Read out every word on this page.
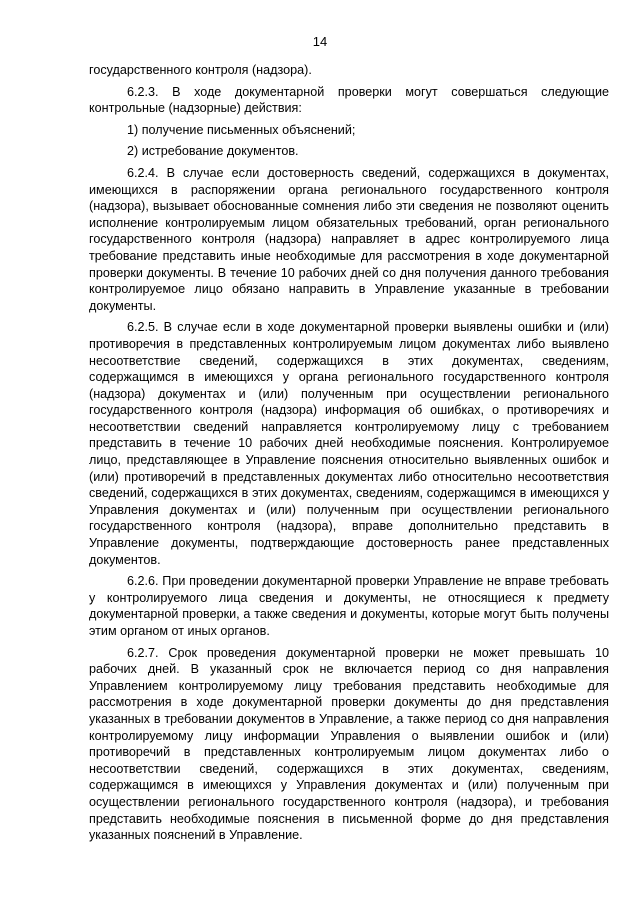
14

государственного контроля (надзора).

6.2.3. В ходе документарной проверки могут совершаться следующие контрольные (надзорные) действия:

1) получение письменных объяснений;

2) истребование документов.

6.2.4. В случае если достоверность сведений, содержащихся в документах, имеющихся в распоряжении органа регионального государственного контроля (надзора), вызывает обоснованные сомнения либо эти сведения не позволяют оценить исполнение контролируемым лицом обязательных требований, орган регионального государственного контроля (надзора) направляет в адрес контролируемого лица требование представить иные необходимые для рассмотрения в ходе документарной проверки документы. В течение 10 рабочих дней со дня получения данного требования контролируемое лицо обязано направить в Управление указанные в требовании документы.

6.2.5. В случае если в ходе документарной проверки выявлены ошибки и (или) противоречия в представленных контролируемым лицом документах либо выявлено несоответствие сведений, содержащихся в этих документах, сведениям, содержащимся в имеющихся у органа регионального государственного контроля (надзора) документах и (или) полученным при осуществлении регионального государственного контроля (надзора) информация об ошибках, о противоречиях и несоответствии сведений направляется контролируемому лицу с требованием представить в течение 10 рабочих дней необходимые пояснения. Контролируемое лицо, представляющее в Управление пояснения относительно выявленных ошибок и (или) противоречий в представленных документах либо относительно несоответствия сведений, содержащихся в этих документах, сведениям, содержащимся в имеющихся у Управления документах и (или) полученным при осуществлении регионального государственного контроля (надзора), вправе дополнительно представить в Управление документы, подтверждающие достоверность ранее представленных документов.

6.2.6. При проведении документарной проверки Управление не вправе требовать у контролируемого лица сведения и документы, не относящиеся к предмету документарной проверки, а также сведения и документы, которые могут быть получены этим органом от иных органов.

6.2.7. Срок проведения документарной проверки не может превышать 10 рабочих дней. В указанный срок не включается период со дня направления Управлением контролируемому лицу требования представить необходимые для рассмотрения в ходе документарной проверки документы до дня представления указанных в требовании документов в Управление, а также период со дня направления контролируемому лицу информации Управления о выявлении ошибок и (или) противоречий в представленных контролируемым лицом документах либо о несоответствии сведений, содержащихся в этих документах, сведениям, содержащимся в имеющихся у Управления документах и (или) полученным при осуществлении регионального государственного контроля (надзора), и требования представить необходимые пояснения в письменной форме до дня представления указанных пояснений в Управление.
